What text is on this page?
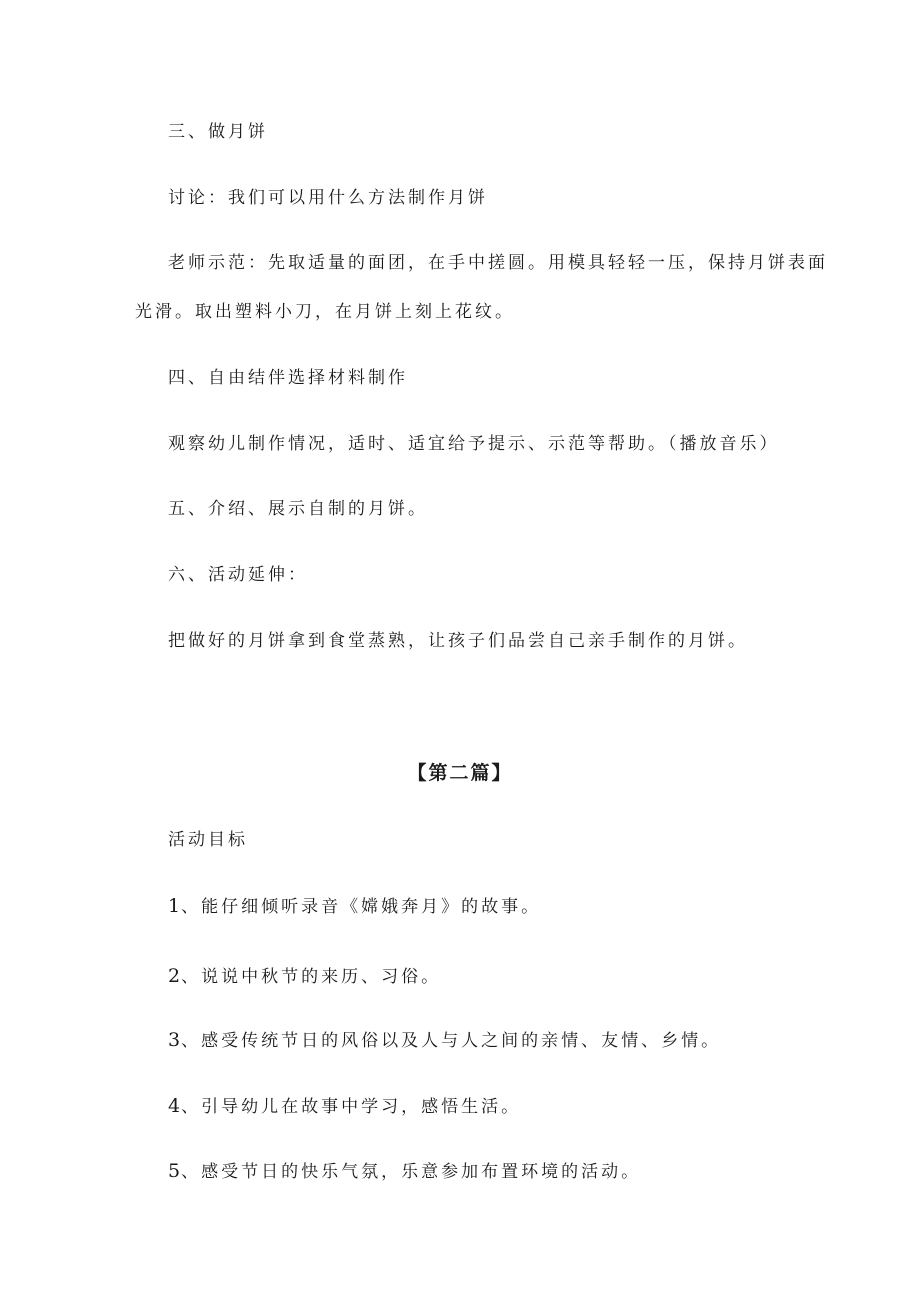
三、做月饼
讨论：我们可以用什么方法制作月饼
老师示范：先取适量的面团，在手中搓圆。用模具轻轻一压，保持月饼表面
光滑。取出塑料小刀，在月饼上刻上花纹。
四、自由结伴选择材料制作
观察幼儿制作情况，适时、适宜给予提示、示范等帮助。（播放音乐）
五、介绍、展示自制的月饼。
六、活动延伸：
把做好的月饼拿到食堂蒸熟，让孩子们品尝自己亲手制作的月饼。
【第二篇】
活动目标
1、能仔细倾听录音《嫦娥奔月》的故事。
2、说说中秋节的来历、习俗。
3、感受传统节日的风俗以及人与人之间的亲情、友情、乡情。
4、引导幼儿在故事中学习，感悟生活。
5、感受节日的快乐气氛，乐意参加布置环境的活动。
